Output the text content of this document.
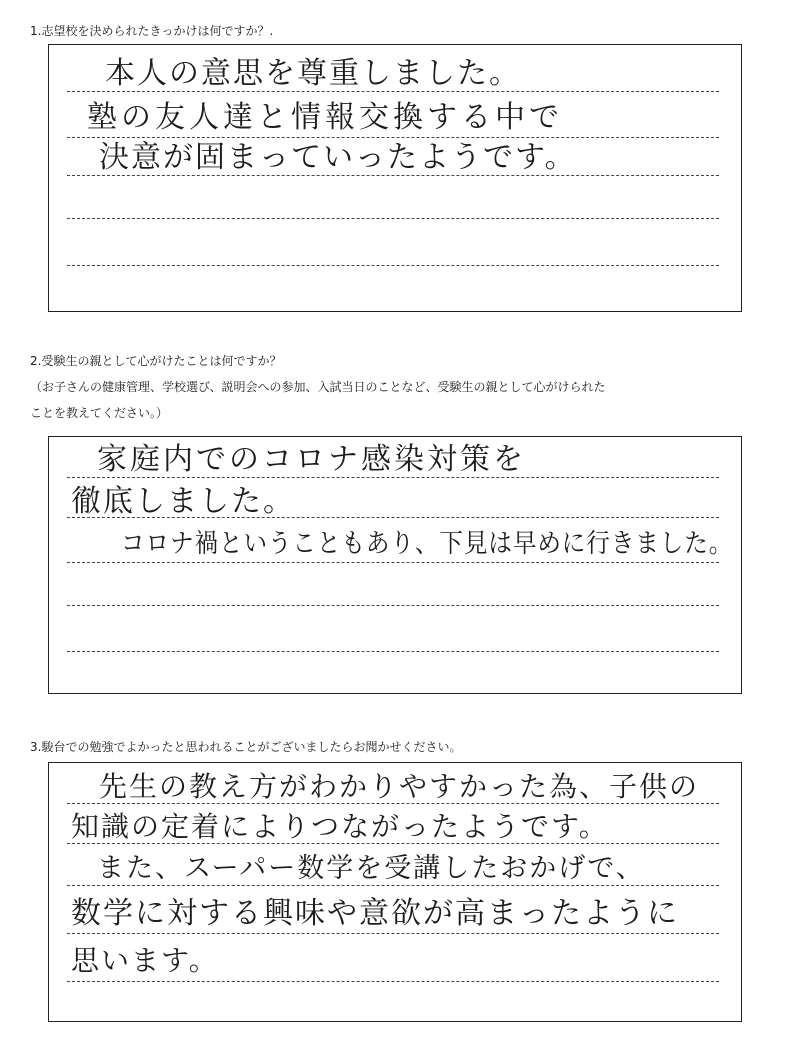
1.志望校を決められたきっかけは何ですか？.
本人の意思を尊重しました。
塾の友人達と情報交換する中で
決意が固まっていったようです。
2.受験生の親として心がけたことは何ですか？
（お子さんの健康管理、学校選び、説明会への参加、入試当日のことなど、受験生の親として心がけられた
ことを教えてください。）
家庭内でのコロナ感染対策を
徹底しました。
コロナ禍ということもあり、下見は早めに行きました。
3.駿台での勉強でよかったと思われることがございましたらお聞かせください。
先生の教え方がわかりやすかった為、子供の
知識の定着によりつながったようです。
また、スーパー数学を受講したおかげで、
数学に対する興味や意欲が高まったように
思います。
